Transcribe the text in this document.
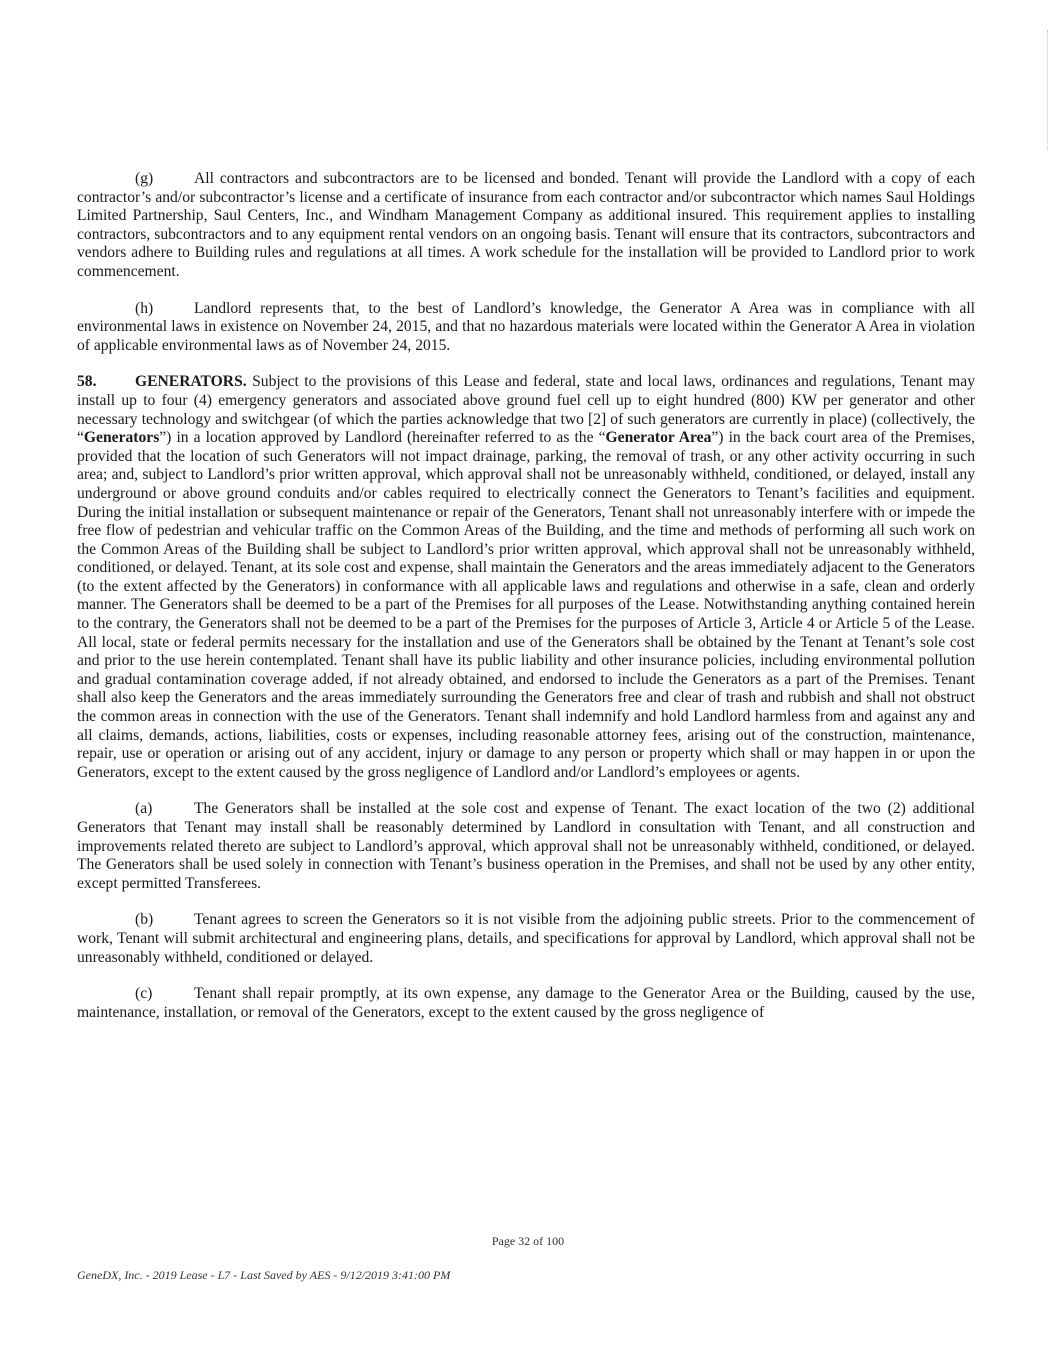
(g)	All contractors and subcontractors are to be licensed and bonded. Tenant will provide the Landlord with a copy of each contractor’s and/or subcontractor’s license and a certificate of insurance from each contractor and/or subcontractor which names Saul Holdings Limited Partnership, Saul Centers, Inc., and Windham Management Company as additional insured. This requirement applies to installing contractors, subcontractors and to any equipment rental vendors on an ongoing basis. Tenant will ensure that its contractors, subcontractors and vendors adhere to Building rules and regulations at all times. A work schedule for the installation will be provided to Landlord prior to work commencement.

(h)	Landlord represents that, to the best of Landlord’s knowledge, the Generator A Area was in compliance with all environmental laws in existence on November 24, 2015, and that no hazardous materials were located within the Generator A Area in violation of applicable environmental laws as of November 24, 2015.

58. GENERATORS. Subject to the provisions of this Lease and federal, state and local laws, ordinances and regulations, Tenant may install up to four (4) emergency generators and associated above ground fuel cell up to eight hundred (800) KW per generator and other necessary technology and switchgear (of which the parties acknowledge that two [2] of such generators are currently in place) (collectively, the “Generators”) in a location approved by Landlord (hereinafter referred to as the “Generator Area”) in the back court area of the Premises, provided that the location of such Generators will not impact drainage, parking, the removal of trash, or any other activity occurring in such area; and, subject to Landlord’s prior written approval, which approval shall not be unreasonably withheld, conditioned, or delayed, install any underground or above ground conduits and/or cables required to electrically connect the Generators to Tenant’s facilities and equipment. During the initial installation or subsequent maintenance or repair of the Generators, Tenant shall not unreasonably interfere with or impede the free flow of pedestrian and vehicular traffic on the Common Areas of the Building, and the time and methods of performing all such work on the Common Areas of the Building shall be subject to Landlord’s prior written approval, which approval shall not be unreasonably withheld, conditioned, or delayed. Tenant, at its sole cost and expense, shall maintain the Generators and the areas immediately adjacent to the Generators (to the extent affected by the Generators) in conformance with all applicable laws and regulations and otherwise in a safe, clean and orderly manner. The Generators shall be deemed to be a part of the Premises for all purposes of the Lease. Notwithstanding anything contained herein to the contrary, the Generators shall not be deemed to be a part of the Premises for the purposes of Article 3, Article 4 or Article 5 of the Lease. All local, state or federal permits necessary for the installation and use of the Generators shall be obtained by the Tenant at Tenant’s sole cost and prior to the use herein contemplated. Tenant shall have its public liability and other insurance policies, including environmental pollution and gradual contamination coverage added, if not already obtained, and endorsed to include the Generators as a part of the Premises. Tenant shall also keep the Generators and the areas immediately surrounding the Generators free and clear of trash and rubbish and shall not obstruct the common areas in connection with the use of the Generators. Tenant shall indemnify and hold Landlord harmless from and against any and all claims, demands, actions, liabilities, costs or expenses, including reasonable attorney fees, arising out of the construction, maintenance, repair, use or operation or arising out of any accident, injury or damage to any person or property which shall or may happen in or upon the Generators, except to the extent caused by the gross negligence of Landlord and/or Landlord’s employees or agents.

(a)	The Generators shall be installed at the sole cost and expense of Tenant. The exact location of the two (2) additional Generators that Tenant may install shall be reasonably determined by Landlord in consultation with Tenant, and all construction and improvements related thereto are subject to Landlord’s approval, which approval shall not be unreasonably withheld, conditioned, or delayed. The Generators shall be used solely in connection with Tenant’s business operation in the Premises, and shall not be used by any other entity, except permitted Transferees.

(b)	Tenant agrees to screen the Generators so it is not visible from the adjoining public streets. Prior to the commencement of work, Tenant will submit architectural and engineering plans, details, and specifications for approval by Landlord, which approval shall not be unreasonably withheld, conditioned or delayed.

(c)	Tenant shall repair promptly, at its own expense, any damage to the Generator Area or the Building, caused by the use, maintenance, installation, or removal of the Generators, except to the extent caused by the gross negligence of

Page 32 of 100
GeneDX, Inc. - 2019 Lease - L7 - Last Saved by AES - 9/12/2019 3:41:00 PM
